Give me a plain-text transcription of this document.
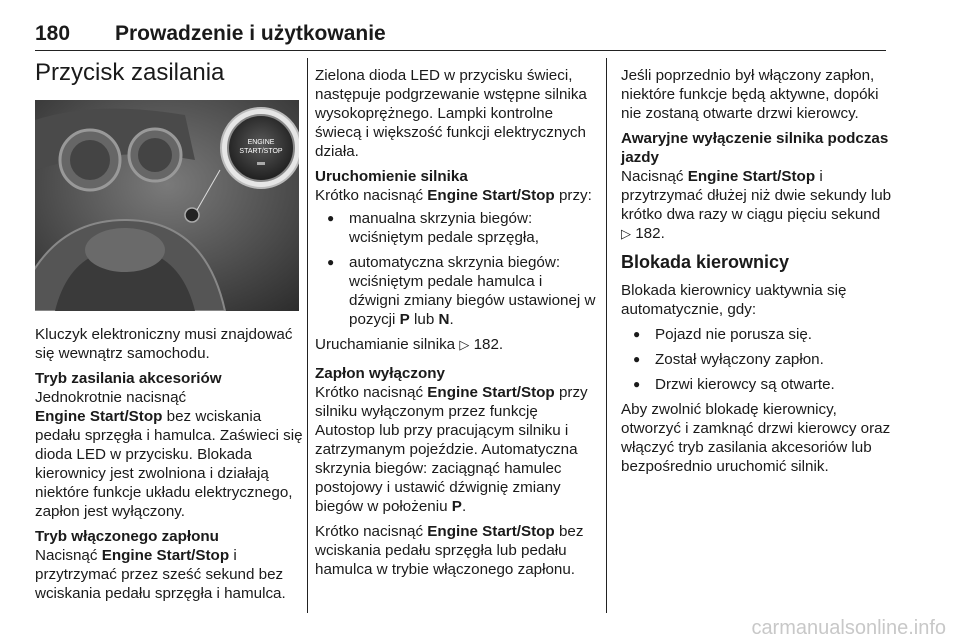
180 Prowadzenie i użytkowanie
Przycisk zasilania
ENGINE
START/STOP

Kluczyk elektroniczny musi znajdować się wewnątrz samochodu.

Tryb zasilania akcesoriów
Jednokrotnie nacisnąć
Engine Start/Stop bez wciskania pedału sprzęgła i hamulca. Zaświeci się dioda LED w przycisku. Blokada kierownicy jest zwolniona i działają niektóre funkcje układu elektrycznego, zapłon jest wyłączony.

Tryb włączonego zapłonu
Nacisnąć Engine Start/Stop i przytrzymać przez sześć sekund bez wciskania pedału sprzęgła i hamulca.

Zielona dioda LED w przycisku świeci, następuje podgrzewanie wstępne silnika wysokoprężnego. Lampki kontrolne świecą i większość funkcji elektrycznych działa.

Uruchomienie silnika
Krótko nacisnąć Engine Start/Stop przy:

● manualna skrzynia biegów: wciśniętym pedale sprzęgła,
● automatyczna skrzynia biegów: wciśniętym pedale hamulca i dźwigni zmiany biegów ustawionej w pozycji P lub N.

Uruchamianie silnika ▷ 182.

Zapłon wyłączony
Krótko nacisnąć Engine Start/Stop przy silniku wyłączonym przez funkcję Autostop lub przy pracującym silniku i zatrzymanym pojeździe. Automatyczna skrzynia biegów: zaciągnąć hamulec postojowy i ustawić dźwignię zmiany biegów w położeniu P.

Krótko nacisnąć Engine Start/Stop bez wciskania pedału sprzęgła lub pedału hamulca w trybie włączonego zapłonu.

Jeśli poprzednio był włączony zapłon, niektóre funkcje będą aktywne, dopóki nie zostaną otwarte drzwi kierowcy.

Awaryjne wyłączenie silnika podczas jazdy
Nacisnąć Engine Start/Stop i przytrzymać dłużej niż dwie sekundy lub krótko dwa razy w ciągu pięciu sekund ▷ 182.

Blokada kierownicy

Blokada kierownicy uaktywnia się automatycznie, gdy:

● Pojazd nie porusza się.
● Został wyłączony zapłon.
● Drzwi kierowcy są otwarte.

Aby zwolnić blokadę kierownicy, otworzyć i zamknąć drzwi kierowcy oraz włączyć tryb zasilania akcesoriów lub bezpośrednio uruchomić silnik.

carmanualsonline.info
